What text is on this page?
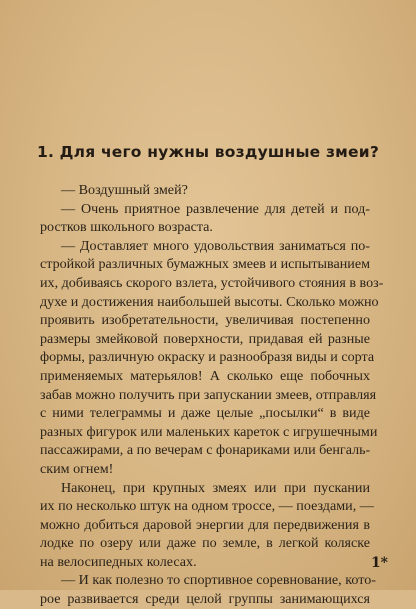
1. Для чего нужны воздушные змеи?
— Воздушный змей?
— Очень приятное развлечение для детей и под-
ростков школьного возраста.
— Доставляет много удовольствия заниматься по-
стройкой различных бумажных змеев и испытыванием
их, добиваясь скорого взлета, устойчивого стояния в воз-
духе и достижения наибольшей высоты. Сколько можно
проявить изобретательности, увеличивая постепенно
размеры змейковой поверхности, придавая ей разные
формы, различную окраску и разнообразя виды и сорта
применяемых матерьялов! А сколько еще побочных
забав можно получить при запускании змеев, отправляя
с ними телеграммы и даже целые „посылки“ в виде
разных фигурок или маленьких кареток с игрушечными
пассажирами, а по вечерам с фонариками или бенгаль-
ским огнем!
Наконец, при крупных змеях или при пускании
их по несколько штук на одном троссе, — поездами, —
можно добиться даровой энергии для передвижения в
лодке по озеру или даже по земле, в легкой коляске
на велосипедных колесах.
— И как полезно то спортивное соревнование, кото-
рое развивается среди целой группы занимающихся
1*
